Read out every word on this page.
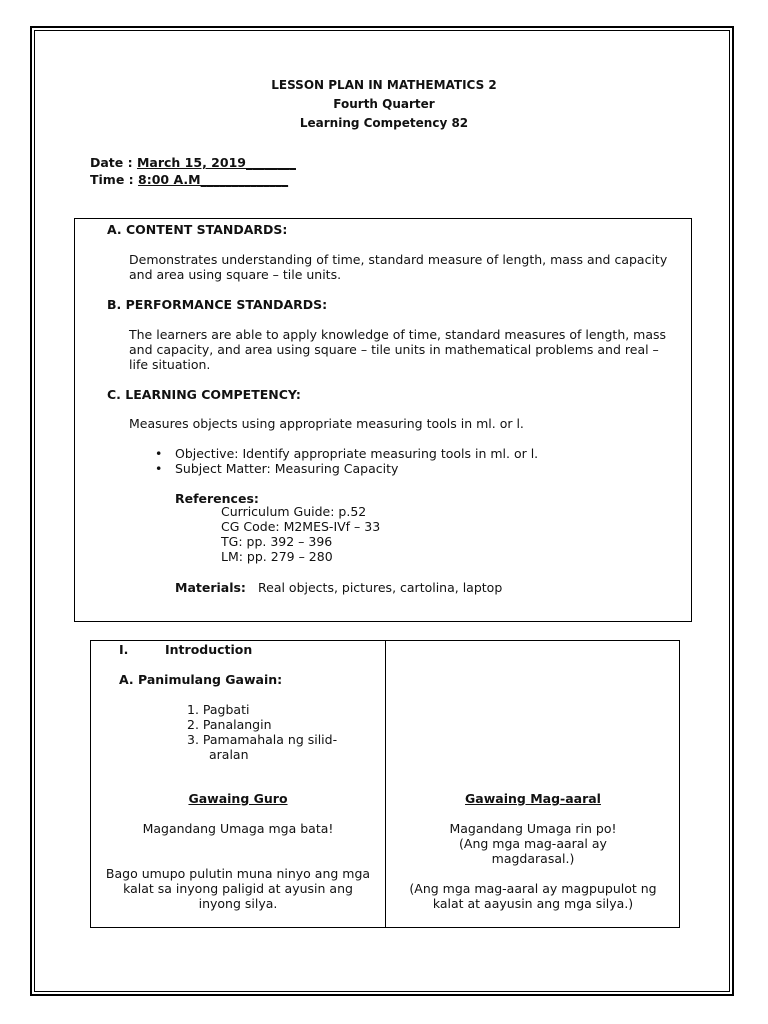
LESSON PLAN IN MATHEMATICS 2
Fourth Quarter
Learning Competency 82
Date : March 15, 2019________
Time : 8:00 A.M______________
A. CONTENT STANDARDS:
Demonstrates understanding of time, standard measure of length, mass and capacity and area using square – tile units.
B. PERFORMANCE STANDARDS:
The learners are able to apply knowledge of time, standard measures of length, mass and capacity, and area using square – tile units in mathematical problems and real – life situation.
C. LEARNING COMPETENCY:
Measures objects using appropriate measuring tools in ml. or l.
• Objective: Identify appropriate measuring tools in ml. or l.
• Subject Matter: Measuring Capacity
References:
Curriculum Guide: p.52
CG Code: M2MES-IVf – 33
TG: pp. 392 – 396
LM: pp. 279 – 280
Materials: Real objects, pictures, cartolina, laptop
I.	Introduction
A. Panimulang Gawain:
1. Pagbati
2. Panalangin
3. Pamamahala ng silid-
aralan
Gawaing Guro
Magandang Umaga mga bata!
Bago umupo pulutin muna ninyo ang mga kalat sa inyong paligid at ayusin ang inyong silya.
Gawaing Mag-aaral
Magandang Umaga rin po!
(Ang mga mag-aaral ay magdarasal.)
(Ang mga mag-aaral ay magpupulot ng kalat at aayusin ang mga silya.)
